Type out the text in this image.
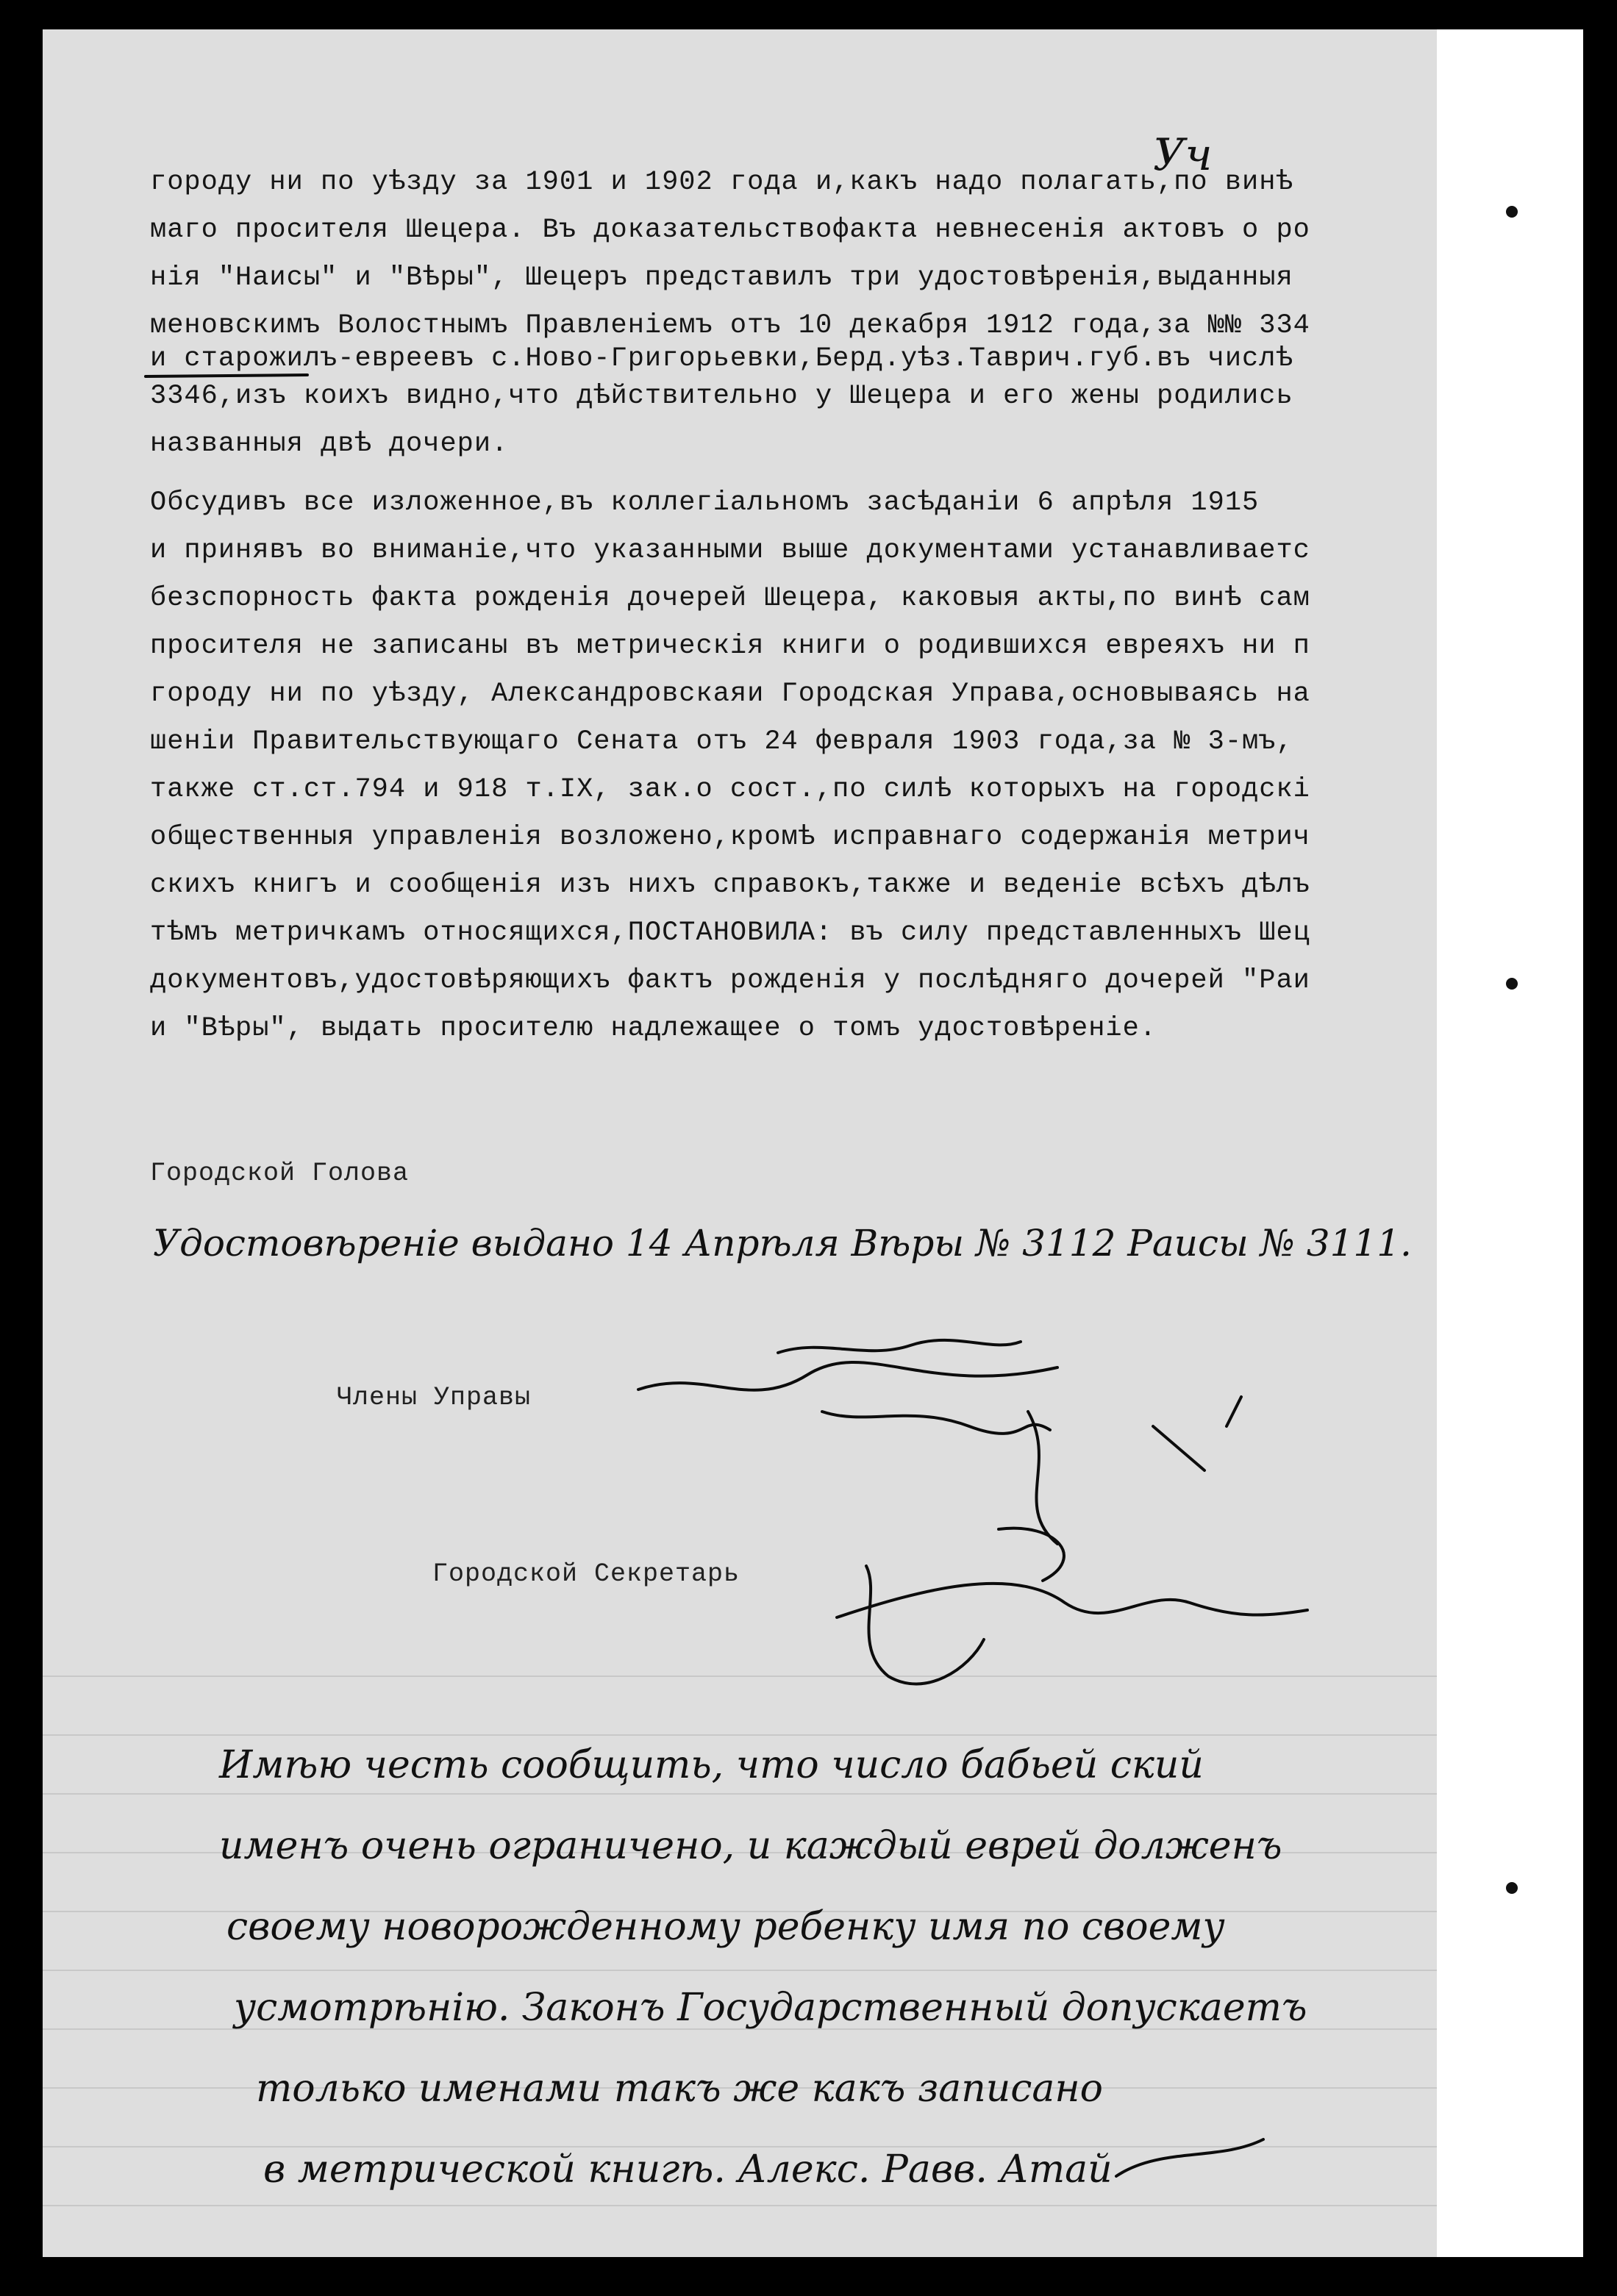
городу ни по уѣзду за 1901 и 1902 года и,какъ надо полагать,по винѣ
маго просителя Шецера. Въ доказательствофакта невнесенія актовъ о ро
нія "Наисы" и "Вѣры", Шецеръ представилъ три удостовѣренія,выданныя
меновскимъ Волостнымъ Правленіемъ отъ 10 декабря 1912 года,за №№ 334
и старожилъ-евреевъ с.Ново-Григорьевки,Берд.уѣз.Таврич.губ.въ числѣ
3346,изъ коихъ видно,что дѣйствительно у Шецера и его жены родились
названныя двѣ дочери.
Обсудивъ все изложенное,въ коллегіальномъ засѣданіи 6 апрѣля 1915
и принявъ во вниманіе,что указанными выше документами устанавливаетс
безспорность факта рожденія дочерей Шецера, каковыя акты,по винѣ сам
просителя не записаны въ метрическія книги о родившихся евреяхъ ни п
городу ни по уѣзду, Александровскаяи Городская Управа,основываясь на
шеніи Правительствующаго Сената отъ 24 февраля 1903 года,за № 3-мъ,
также ст.ст.794 и 918 т.IX, зак.о сост.,по силѣ которыхъ на городскі
общественныя управленія возложено,кромѣ исправнаго содержанія метрич
скихъ книгъ и сообщенія изъ нихъ справокъ,также и веденіе всѣхъ дѣлъ
тѣмъ метричкамъ относящихся,ПОСТАНОВИЛА: въ силу представленныхъ Шец
документовъ,удостовѣряющихъ фактъ рожденія у послѣдняго дочерей "Раи
и "Вѣры", выдать просителю надлежащее о томъ удостовѣреніе.
Уч
Городской Голова
Удостовѣреніе выдано 14 Апрѣля Вѣры № 3112 Раисы № 3111.
Члены Управы
Городской Секретарь
Имѣю честь сообщить, что число бабьей ский
именъ очень ограничено, и каждый еврей долженъ
своему новорожденному ребенку имя по своему
усмотрѣнію. Законъ Государственный допускаетъ
только именами такъ же какъ записано
в метрической книгѣ. Алекс. Равв. Атай
